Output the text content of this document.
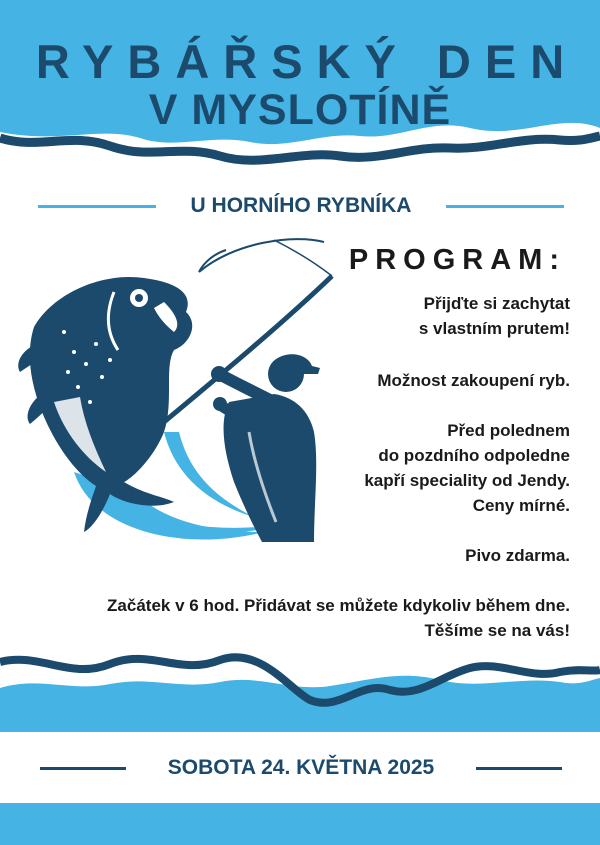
RYBÁŘSKÝ DEN
V MYSLOTÍNĚ
U HORNÍHO RYBNÍKA
PROGRAM:
Přijďte si zachytat
s vlastním prutem!
Možnost zakoupení ryb.
Před polednem
do pozdního odpoledne
kapří speciality od Jendy.
Ceny mírné.
Pivo zdarma.
Začátek v 6 hod. Přidávat se můžete kdykoliv během dne.
Těšíme se na vás!
SOBOTA 24. KVĚTNA 2025
